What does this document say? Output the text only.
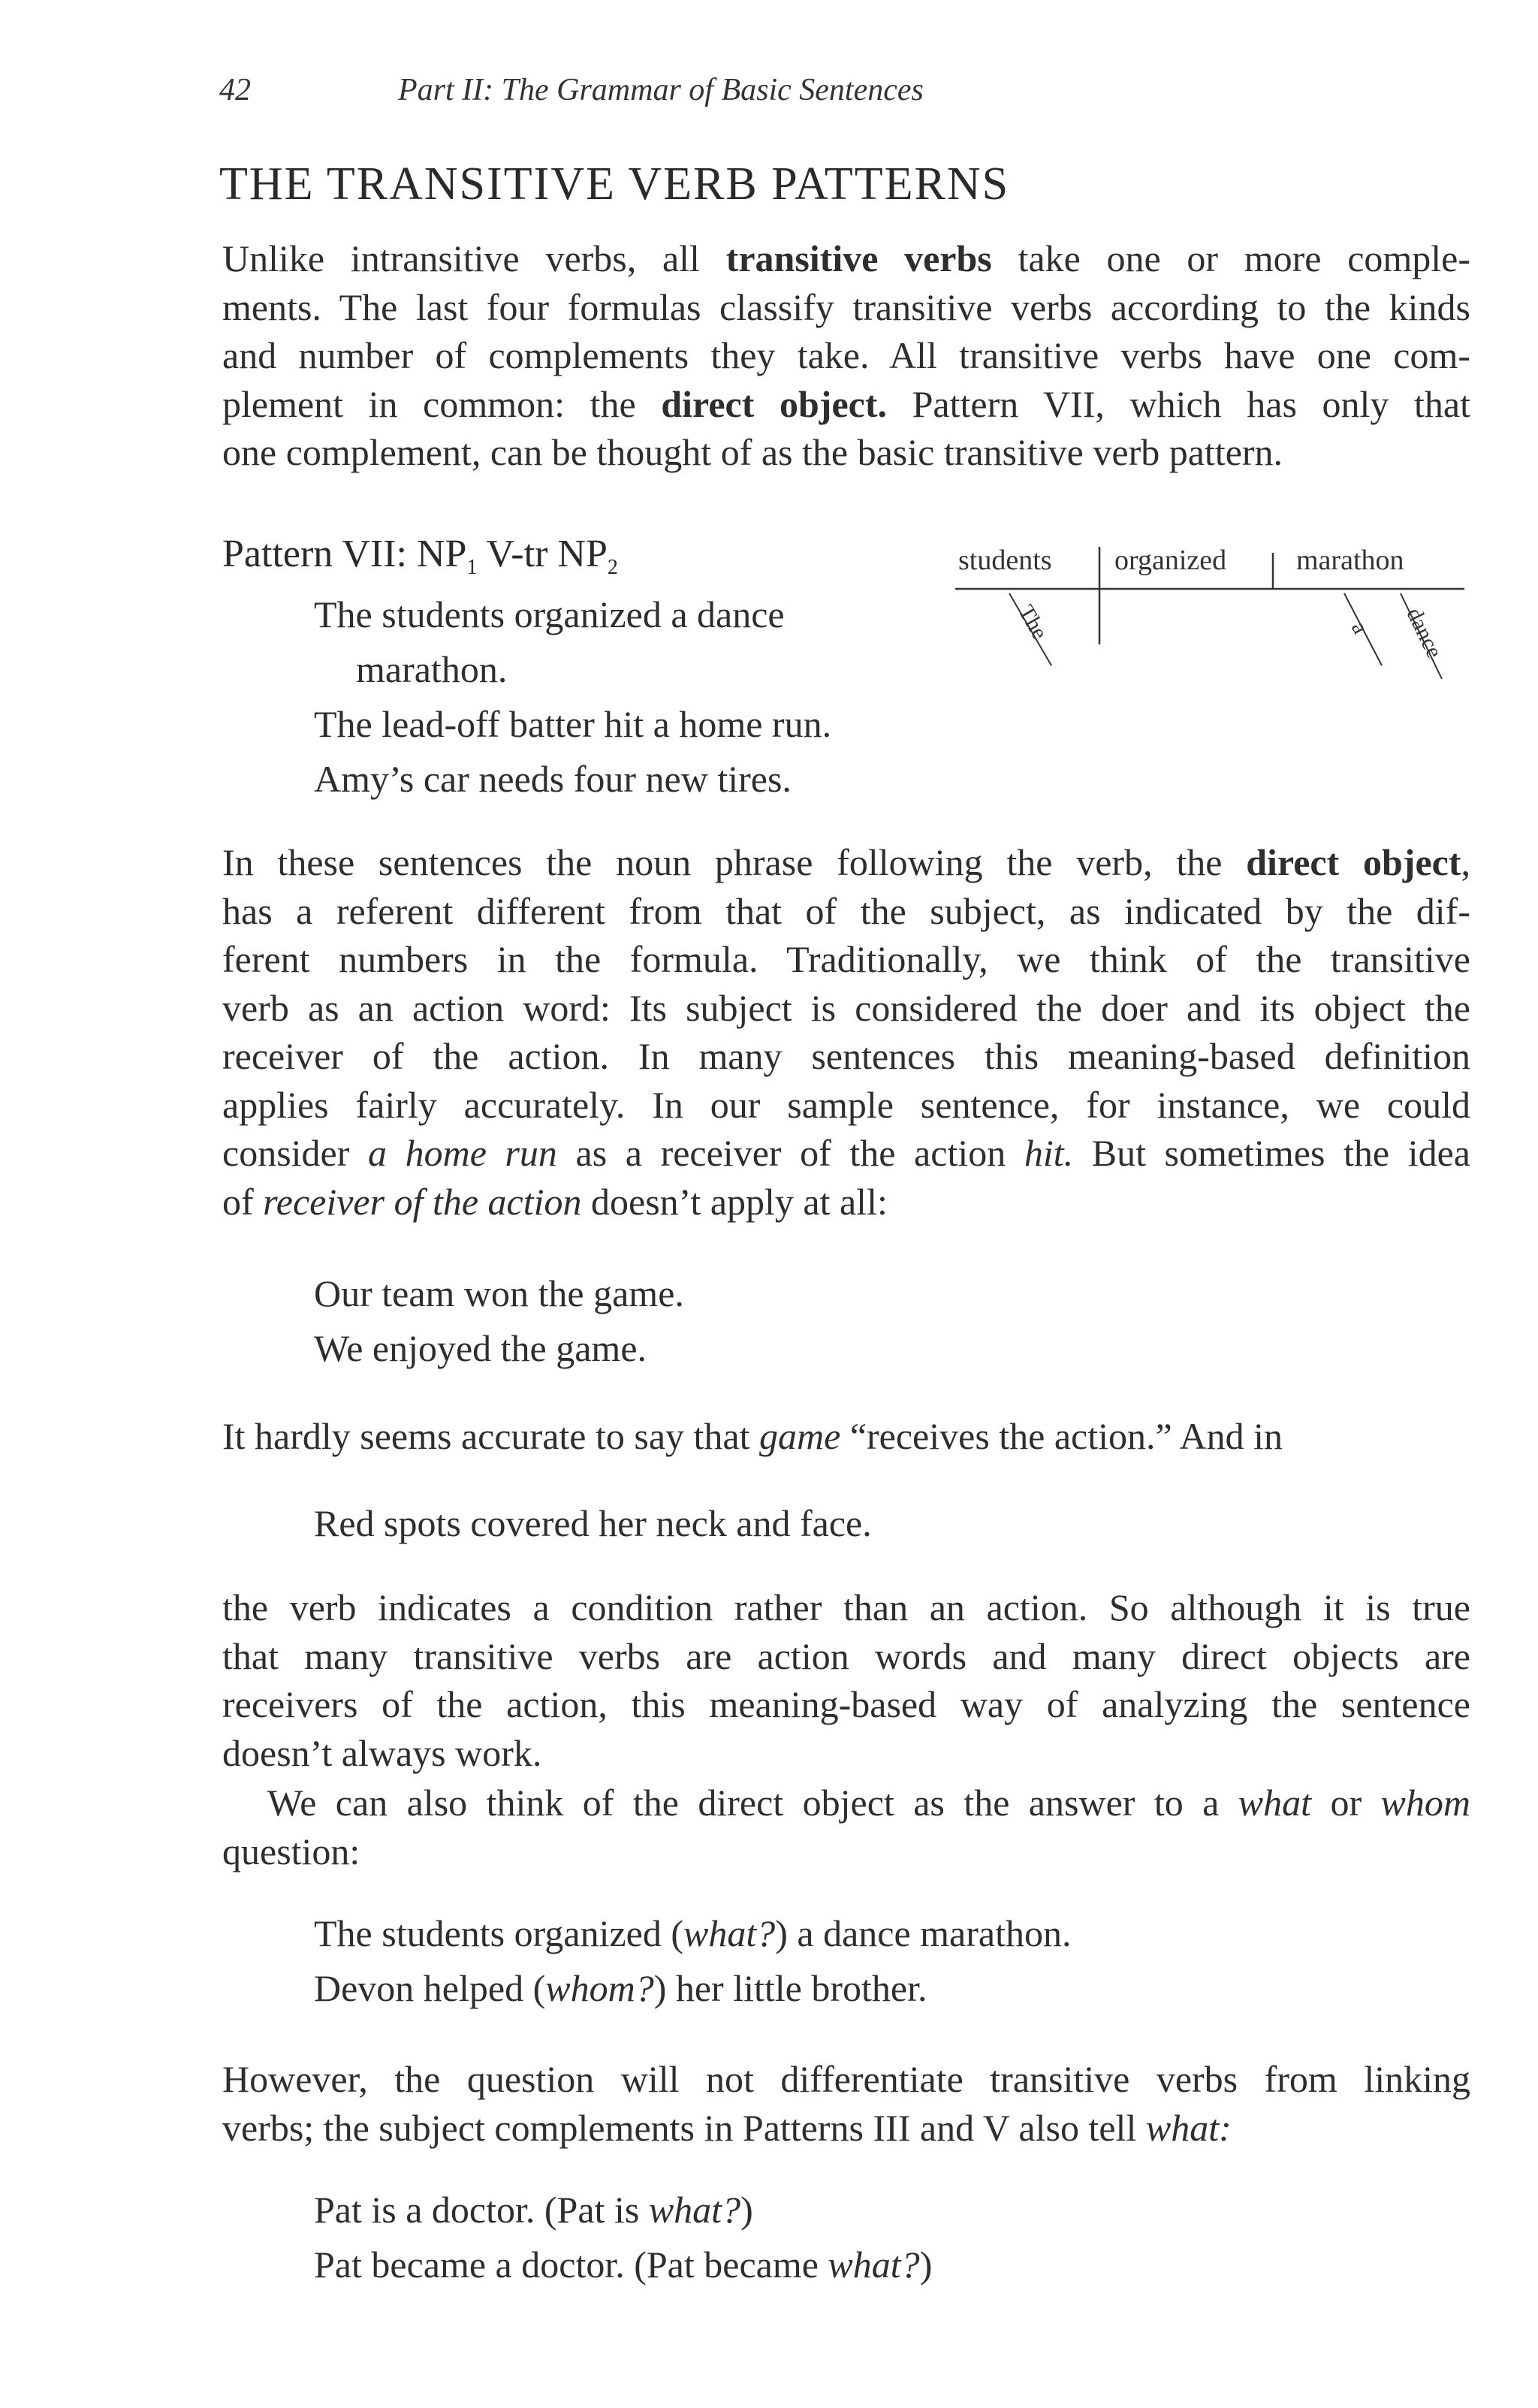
42	Part II: The Grammar of Basic Sentences
THE TRANSITIVE VERB PATTERNS
Unlike intransitive verbs, all transitive verbs take one or more comple-
ments. The last four formulas classify transitive verbs according to the kinds
and number of complements they take. All transitive verbs have one com-
plement in common: the direct object. Pattern VII, which has only that
one complement, can be thought of as the basic transitive verb pattern.
Pattern VII: $NP_1$ V-tr $NP_2$
The students organized a dance
marathon.
The lead-off batter hit a home run.
Amy’s car needs four new tires.
students organized marathon
The	a dance
In these sentences the noun phrase following the verb, the direct object,
has a referent different from that of the subject, as indicated by the dif-
ferent numbers in the formula. Traditionally, we think of the transitive
verb as an action word: Its subject is considered the doer and its object the
receiver of the action. In many sentences this meaning-based definition
applies fairly accurately. In our sample sentence, for instance, we could
consider a home run as a receiver of the action hit. But sometimes the idea
of receiver of the action doesn’t apply at all:
Our team won the game.
We enjoyed the game.
It hardly seems accurate to say that game “receives the action.” And in
Red spots covered her neck and face.
the verb indicates a condition rather than an action. So although it is true
that many transitive verbs are action words and many direct objects are
receivers of the action, this meaning-based way of analyzing the sentence
doesn’t always work.
We can also think of the direct object as the answer to a what or whom
question:
The students organized (what?) a dance marathon.
Devon helped (whom?) her little brother.
However, the question will not differentiate transitive verbs from linking
verbs; the subject complements in Patterns III and V also tell what:
Pat is a doctor. (Pat is what?)
Pat became a doctor. (Pat became what?)
